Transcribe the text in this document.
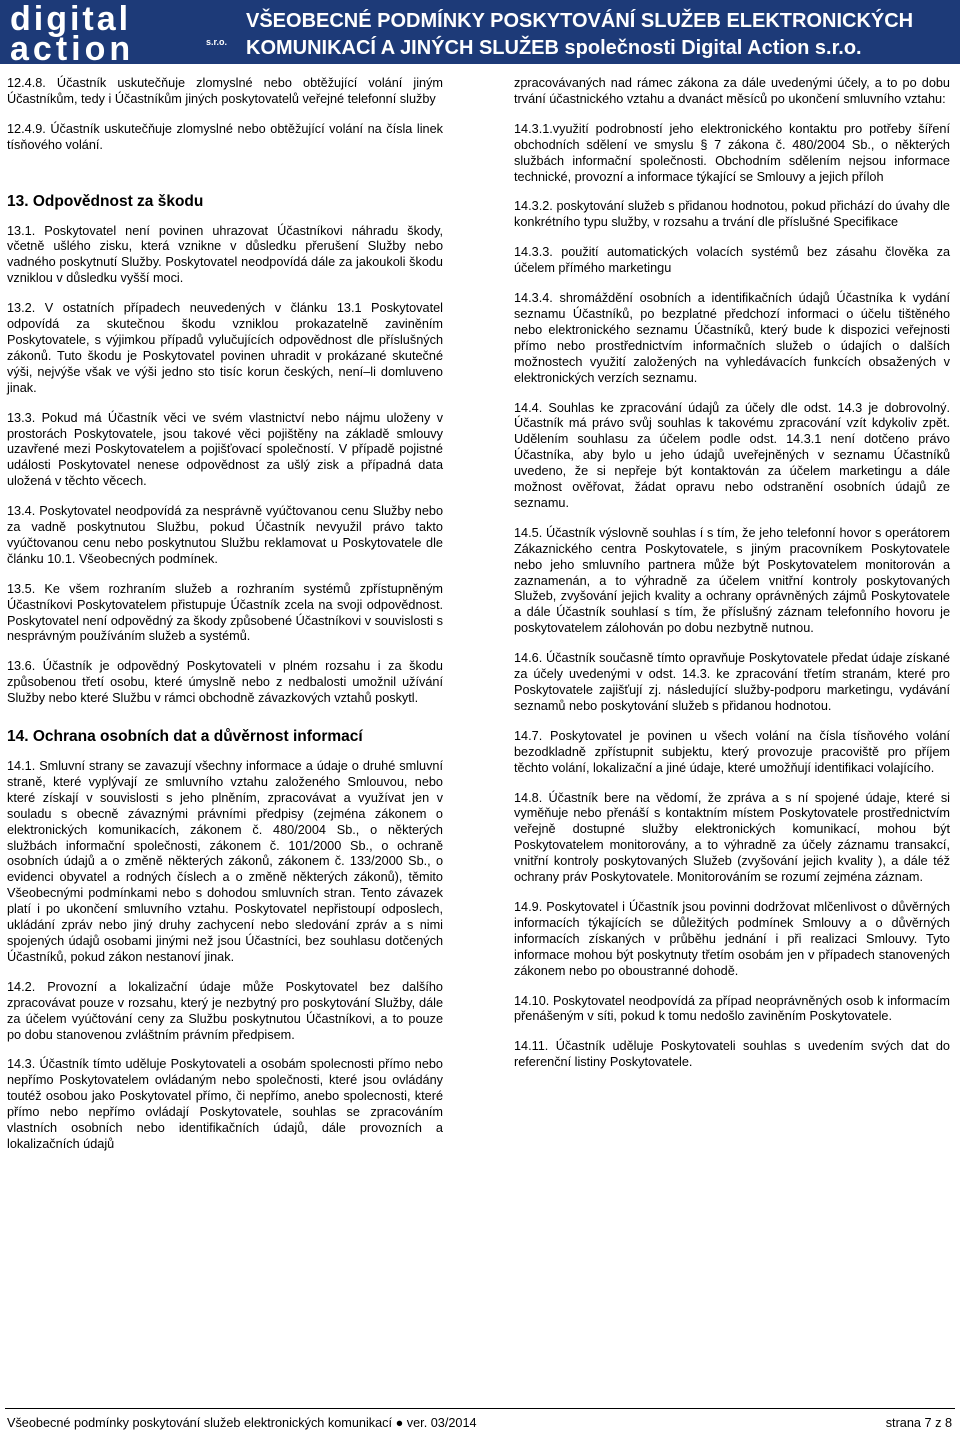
digital
action	s.r.o.
VŠEOBECNÉ PODMÍNKY POSKYTOVÁNÍ SLUŽEB ELEKTRONICKÝCH
KOMUNIKACÍ A JINÝCH SLUŽEB společnosti Digital Action s.r.o.

12.4.8. Účastník uskutečňuje zlomyslné nebo obtěžující volání jiným Účastníkům, tedy i Účastníkům jiných poskytovatelů veřejné telefonní služby

12.4.9. Účastník uskutečňuje zlomyslné nebo obtěžující volání na čísla linek tísňového volání.

13. Odpovědnost za škodu

13.1. Poskytovatel není povinen uhrazovat Účastníkovi náhradu škody, včetně ušlého zisku, která vznikne v důsledku přerušení Služby nebo vadného poskytnutí Služby. Poskytovatel neodpovídá dále za jakoukoli škodu vzniklou v důsledku vyšší moci.

13.2. V ostatních případech neuvedených v článku 13.1 Poskytovatel odpovídá za skutečnou škodu vzniklou prokazatelně zaviněním Poskytovatele, s výjimkou případů vylučujících odpovědnost dle příslušných zákonů. Tuto škodu je Poskytovatel povinen uhradit v prokázané skutečné výši, nejvýše však ve výši jedno sto tisíc korun českých, není–li domluveno jinak.

13.3. Pokud má Účastník věci ve svém vlastnictví nebo nájmu uloženy v prostorách Poskytovatele, jsou takové věci pojištěny na základě smlouvy uzavřené mezi Poskytovatelem a pojišťovací společností. V případě pojistné události Poskytovatel nenese odpovědnost za ušlý zisk a případná data uložená v těchto věcech.

13.4. Poskytovatel neodpovídá za nesprávně vyúčtovanou cenu Služby nebo za vadně poskytnutou Službu, pokud Účastník nevyužil právo takto vyúčtovanou cenu nebo poskytnutou Službu reklamovat u Poskytovatele dle článku 10.1. Všeobecných podmínek.

13.5. Ke všem rozhraním služeb a rozhraním systémů zpřístupněným Účastníkovi Poskytovatelem přistupuje Účastník zcela na svoji odpovědnost. Poskytovatel není odpovědný za škody způsobené Účastníkovi v souvislosti s nesprávným používáním služeb a systémů.

13.6. Účastník je odpovědný Poskytovateli v plném rozsahu i za škodu způsobenou třetí osobu, které úmyslně nebo z nedbalosti umožnil užívání Služby nebo které Službu v rámci obchodně závazkových vztahů poskytl.

14. Ochrana osobních dat a důvěrnost informací

14.1. Smluvní strany se zavazují všechny informace a údaje o druhé smluvní straně, které vyplývají ze smluvního vztahu založeného Smlouvou, nebo které získají v souvislosti s jeho plněním, zpracovávat a využívat jen v souladu s obecně závaznými právními předpisy (zejména zákonem o elektronických komunikacích, zákonem č. 480/2004 Sb., o některých službách informační společnosti, zákonem č. 101/2000 Sb., o ochraně osobních údajů a o změně některých zákonů, zákonem č. 133/2000 Sb., o evidenci obyvatel a rodných číslech a o změně některých zákonů), těmito Všeobecnými podmínkami nebo s dohodou smluvních stran. Tento závazek platí i po ukončení smluvního vztahu. Poskytovatel nepřistoupí odposlech, ukládání zpráv nebo jiný druhy zachycení nebo sledování zpráv a s nimi spojených údajů osobami jinými než jsou Účastníci, bez souhlasu dotčených Účastníků, pokud zákon nestanoví jinak.

14.2. Provozní a lokalizační údaje může Poskytovatel bez dalšího zpracovávat pouze v rozsahu, který je nezbytný pro poskytování Služby, dále za účelem vyúčtování ceny za Službu poskytnutou Účastníkovi, a to pouze po dobu stanovenou zvláštním právním předpisem.

14.3. Účastník tímto uděluje Poskytovateli a osobám spolecnosti přímo nebo nepřímo Poskytovatelem ovládaným nebo společnosti, které jsou ovládány toutéž osobou jako Poskytovatel přímo, či nepřímo, anebo spolecnosti, které přímo nebo nepřímo ovládají Poskytovatele, souhlas se zpracováním vlastních osobních nebo identifikačních údajů, dále provozních a lokalizačních údajů

zpracovávaných nad rámec zákona za dále uvedenými účely, a to po dobu trvání účastnického vztahu a dvanáct měsíců po ukončení smluvního vztahu:

14.3.1.využití podrobností jeho elektronického kontaktu pro potřeby šíření obchodních sdělení ve smyslu § 7 zákona č. 480/2004 Sb., o některých službách informační společnosti. Obchodním sdělením nejsou informace technické, provozní a informace týkající se Smlouvy a jejich příloh

14.3.2. poskytování služeb s přidanou hodnotou, pokud přichází do úvahy dle konkrétního typu služby, v rozsahu a trvání dle příslušné Specifikace

14.3.3. použití automatických volacích systémů bez zásahu člověka za účelem přímého marketingu

14.3.4. shromáždění osobních a identifikačních údajů Účastníka k vydání seznamu Účastníků, po bezplatné předchozí informaci o účelu tištěného nebo elektronického seznamu Účastníků, který bude k dispozici veřejnosti přímo nebo prostřednictvím informačních služeb o údajích o dalších možnostech využití založených na vyhledávacích funkcích obsažených v elektronických verzích seznamu.

14.4. Souhlas ke zpracování údajů za účely dle odst. 14.3 je dobrovolný. Účastník má právo svůj souhlas k takovému zpracování vzít kdykoliv zpět. Udělením souhlasu za účelem podle odst. 14.3.1 není dotčeno právo Účastníka, aby bylo u jeho údajů uveřejněných v seznamu Účastníků uvedeno, že si nepřeje být kontaktován za účelem marketingu a dále možnost ověřovat, žádat opravu nebo odstranění osobních údajů ze seznamu.

14.5. Účastník výslovně souhlas í s tím, že jeho telefonní hovor s operátorem Zákaznického centra Poskytovatele, s jiným pracovníkem Poskytovatele nebo jeho smluvního partnera může být Poskytovatelem monitorován a zaznamenán, a to výhradně za účelem vnitřní kontroly poskytovaných Služeb, zvyšování jejich kvality a ochrany oprávněných zájmů Poskytovatele a dále Účastník souhlasí s tím, že příslušný záznam telefonního hovoru je poskytovatelem zálohován po dobu nezbytně nutnou.

14.6. Účastník současně tímto opravňuje Poskytovatele předat údaje získané za účely uvedenými v odst. 14.3. ke zpracování třetím stranám, které pro Poskytovatele zajišťují zj. následující služby-podporu marketingu, vydávání seznamů nebo poskytování služeb s přidanou hodnotou.

14.7. Poskytovatel je povinen u všech volání na čísla tísňového volání bezodkladně zpřístupnit subjektu, který provozuje pracoviště pro příjem těchto volání, lokalizační a jiné údaje, které umožňují identifikaci volajícího.

14.8. Účastník bere na vědomí, že zpráva a s ní spojené údaje, které si vyměňuje nebo přenáší s kontaktním místem Poskytovatele prostřednictvím veřejně dostupné služby elektronických komunikací, mohou být Poskytovatelem monitorovány, a to výhradně za účely záznamu transakcí, vnitřní kontroly poskytovaných Služeb (zvyšování jejich kvality ), a dále též ochrany práv Poskytovatele. Monitorováním se rozumí zejména záznam.

14.9. Poskytovatel i Účastník jsou povinni dodržovat mlčenlivost o důvěrných informacích týkajících se důležitých podmínek Smlouvy a o důvěrných informacích získaných v průběhu jednání i při realizaci Smlouvy. Tyto informace mohou být poskytnuty třetím osobám jen v případech stanovených zákonem nebo po oboustranné dohodě.

14.10. Poskytovatel neodpovídá za případ neoprávněných osob k informacím přenášeným v síti, pokud k tomu nedošlo zaviněním Poskytovatele.

14.11. Účastník uděluje Poskytovateli souhlas s uvedením svých dat do referenční listiny Poskytovatele.

Všeobecné podmínky poskytování služeb elektronických komunikací ● ver. 03/2014	strana 7 z 8
